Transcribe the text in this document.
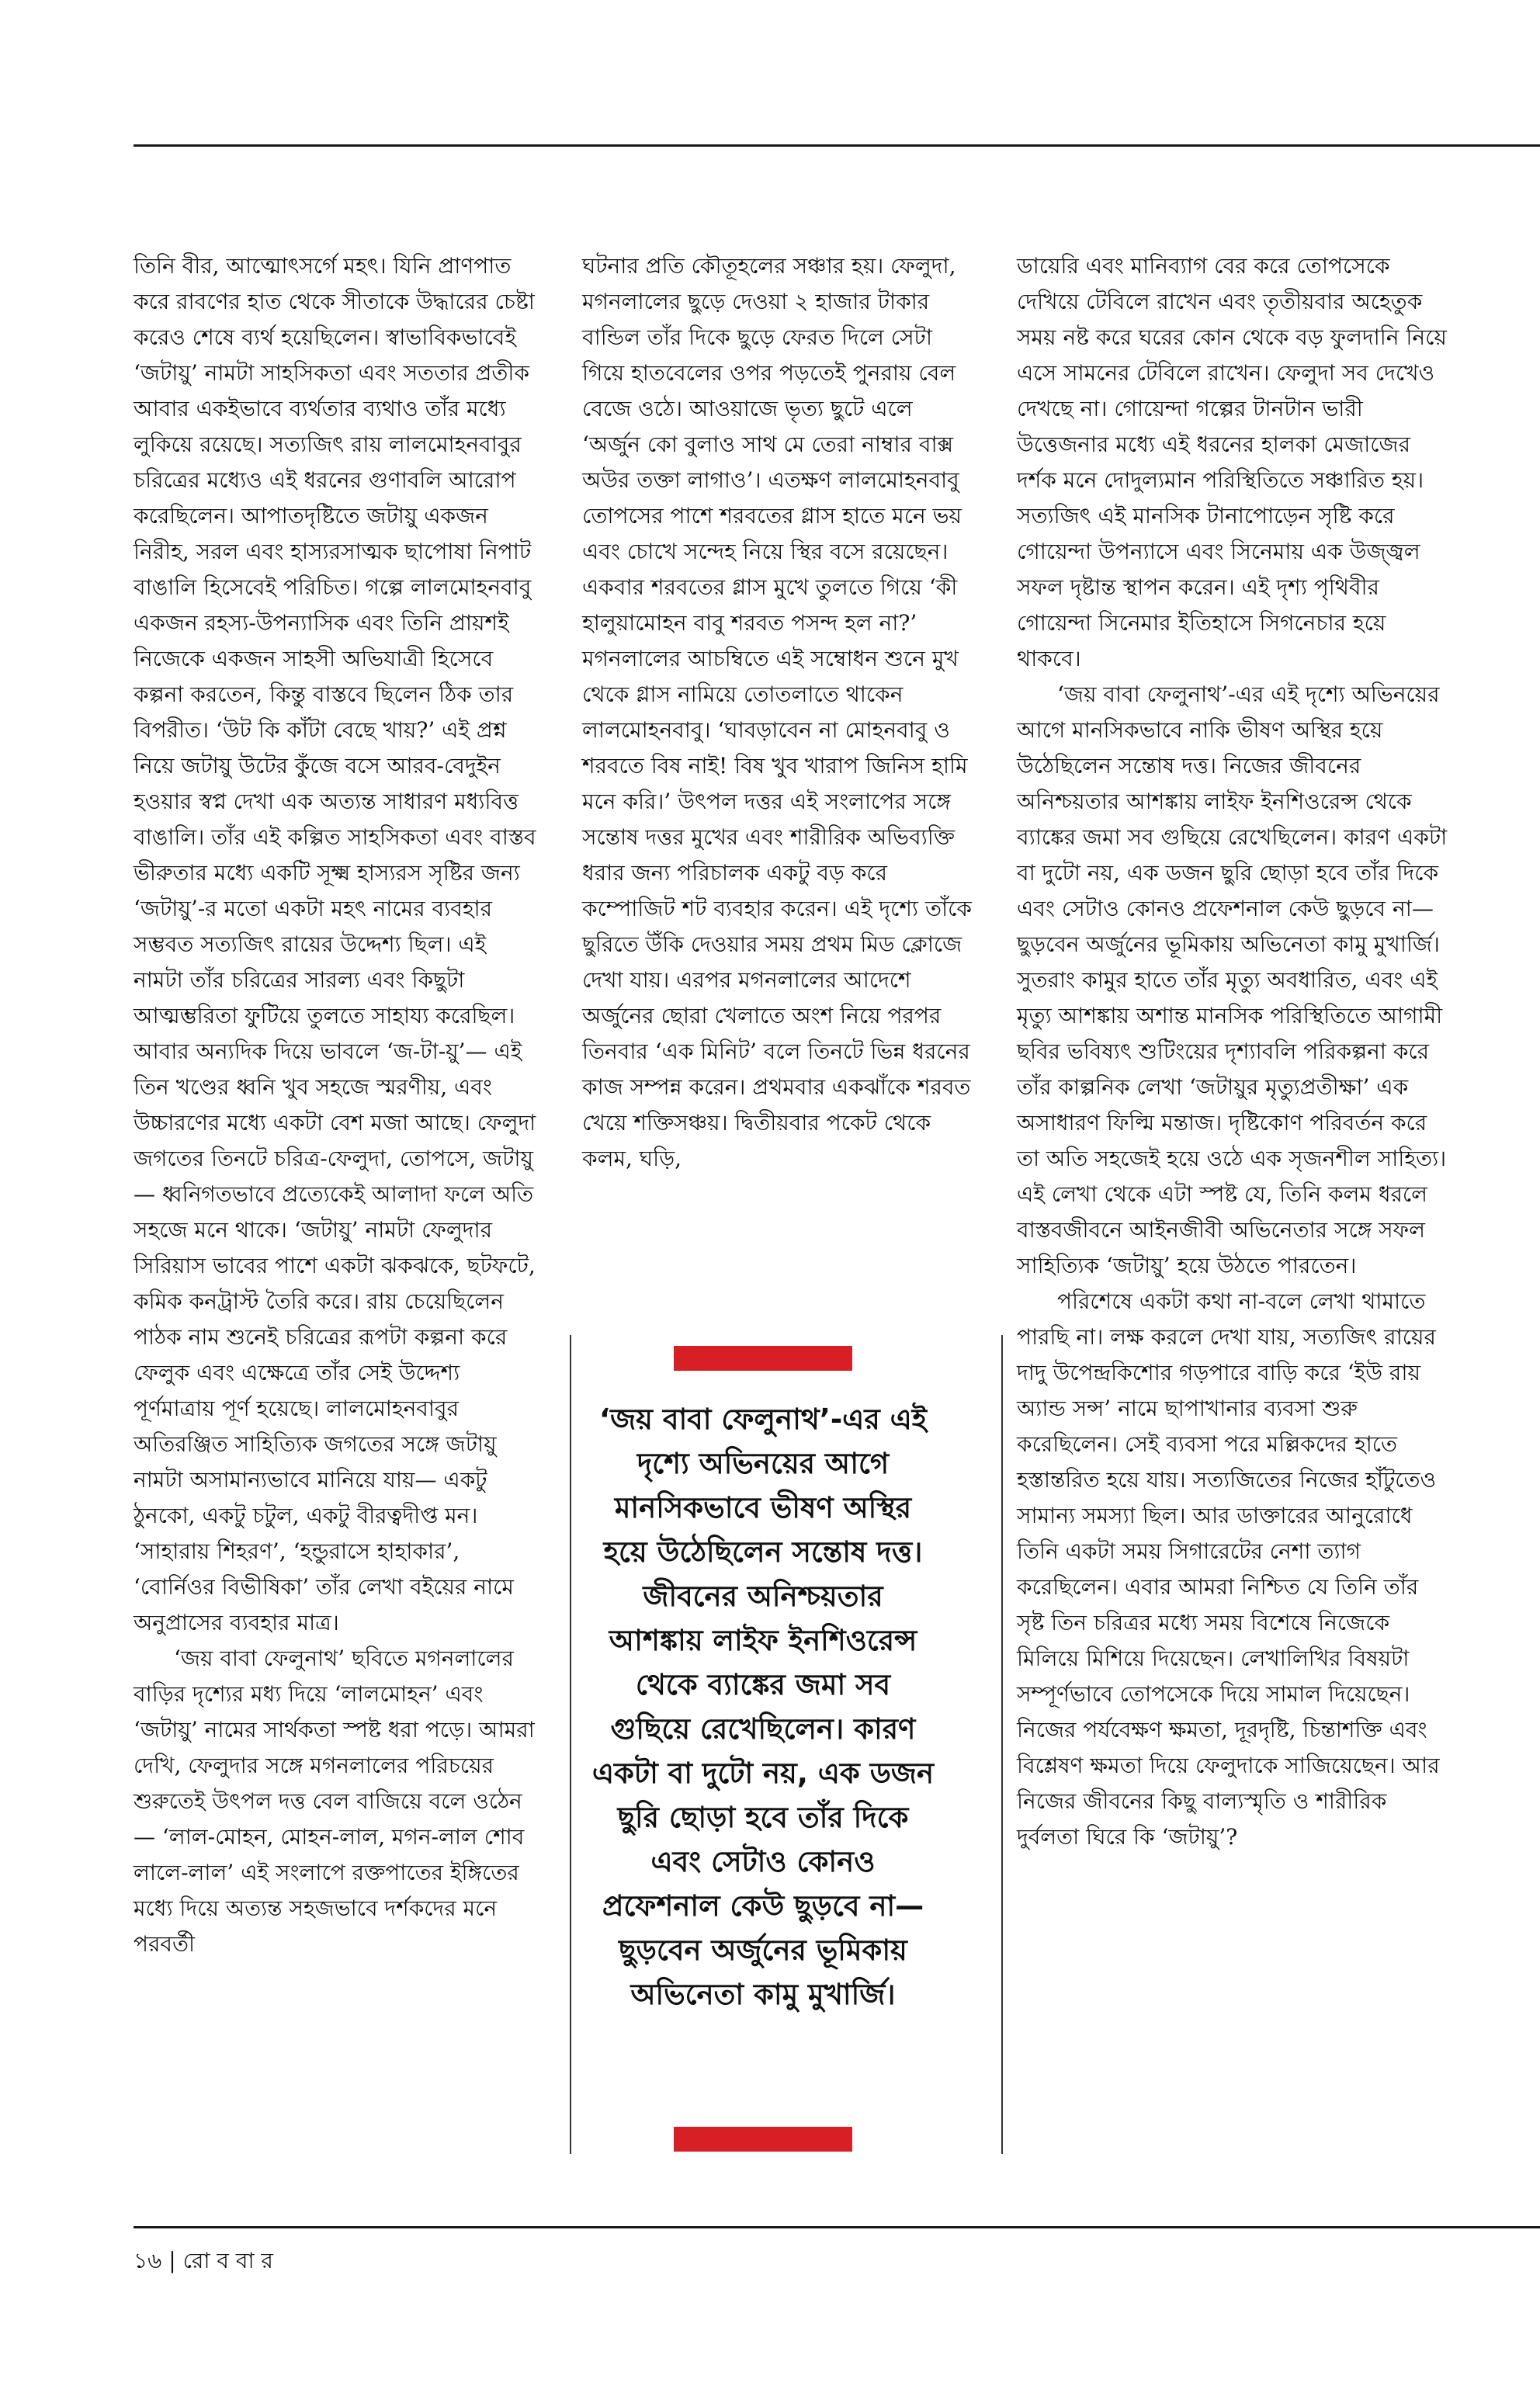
তিনি বীর, আত্মোৎসর্গে মহৎ। যিনি প্রাণপাত করে রাবণের হাত থেকে সীতাকে উদ্ধারের চেষ্টা করেও শেষে ব্যর্থ হয়েছিলেন। স্বাভাবিকভাবেই ‘জটায়ু’ নামটা সাহসিকতা এবং সততার প্রতীক আবার একইভাবে ব্যর্থতার ব্যথাও তাঁর মধ্যে লুকিয়ে রয়েছে। সত্যজিৎ রায় লালমোহনবাবুর চরিত্রের মধ্যেও এই ধরনের গুণাবলি আরোপ করেছিলেন। আপাতদৃষ্টিতে জটায়ু একজন নিরীহ, সরল এবং হাস্যরসাত্মক ছাপোষা নিপাট বাঙালি হিসেবেই পরিচিত। গল্পে লালমোহনবাবু একজন রহস্য-উপন্যাসিক এবং তিনি প্রায়শই নিজেকে একজন সাহসী অভিযাত্রী হিসেবে কল্পনা করতেন, কিন্তু বাস্তবে ছিলেন ঠিক তার বিপরীত। ‘উট কি কাঁটা বেছে খায়?’ এই প্রশ্ন নিয়ে জটায়ু উটের কুঁজে বসে আরব-বেদুইন হওয়ার স্বপ্ন দেখা এক অত্যন্ত সাধারণ মধ্যবিত্ত বাঙালি। তাঁর এই কল্পিত সাহসিকতা এবং বাস্তব ভীরুতার মধ্যে একটি সূক্ষ্ম হাস্যরস সৃষ্টির জন্য ‘জটায়ু’-র মতো একটা মহৎ নামের ব্যবহার সম্ভবত সত্যজিৎ রায়ের উদ্দেশ্য ছিল। এই নামটা তাঁর চরিত্রের সারল্য এবং কিছুটা আত্মম্ভরিতা ফুটিয়ে তুলতে সাহায্য করেছিল। আবার অন্যদিক দিয়ে ভাবলে ‘জ-টা-য়ু’— এই তিন খণ্ডের ধ্বনি খুব সহজে স্মরণীয়, এবং উচ্চারণের মধ্যে একটা বেশ মজা আছে। ফেলুদা জগতের তিনটে চরিত্র-ফেলুদা, তোপসে, জটায়ু— ধ্বনিগতভাবে প্রত্যেকেই আলাদা ফলে অতি সহজে মনে থাকে। ‘জটায়ু’ নামটা ফেলুদার সিরিয়াস ভাবের পাশে একটা ঝকঝকে, ছটফটে, কমিক কনট্রাস্ট তৈরি করে। রায় চেয়েছিলেন পাঠক নাম শুনেই চরিত্রের রূপটা কল্পনা করে ফেলুক এবং এক্ষেত্রে তাঁর সেই উদ্দেশ্য পূর্ণমাত্রায় পূর্ণ হয়েছে। লালমোহনবাবুর অতিরঞ্জিত সাহিত্যিক জগতের সঙ্গে জটায়ু নামটা অসামান্যভাবে মানিয়ে যায়— একটু ঠুনকো, একটু চটুল, একটু বীরত্বদীপ্ত মন। ‘সাহারায় শিহরণ’, ‘হন্ডুরাসে হাহাকার’, ‘বোর্নিওর বিভীষিকা’ তাঁর লেখা বইয়ের নামে অনুপ্রাসের ব্যবহার মাত্র।

‘জয় বাবা ফেলুনাথ’ ছবিতে মগনলালের বাড়ির দৃশ্যের মধ্য দিয়ে ‘লালমোহন’ এবং ‘জটায়ু’ নামের সার্থকতা স্পষ্ট ধরা পড়ে। আমরা দেখি, ফেলুদার সঙ্গে মগনলালের পরিচয়ের শুরুতেই উৎপল দত্ত বেল বাজিয়ে বলে ওঠেন— ‘লাল-মোহন, মোহন-লাল, মগন-লাল শোব লালে-লাল’ এই সংলাপে রক্তপাতের ইঙ্গিতের মধ্যে দিয়ে অত্যন্ত সহজভাবে দর্শকদের মনে পরবর্তী

ঘটনার প্রতি কৌতূহলের সঞ্চার হয়। ফেলুদা, মগনলালের ছুড়ে দেওয়া ২ হাজার টাকার বান্ডিল তাঁর দিকে ছুড়ে ফেরত দিলে সেটা গিয়ে হাতবেলের ওপর পড়তেই পুনরায় বেল বেজে ওঠে। আওয়াজে ভৃত্য ছুটে এলে ‘অর্জুন কো বুলাও সাথ মে তেরা নাম্বার বাক্স অউর তক্তা লাগাও’। এতক্ষণ লালমোহনবাবু তোপসের পাশে শরবতের গ্লাস হাতে মনে ভয় এবং চোখে সন্দেহ নিয়ে স্থির বসে রয়েছেন। একবার শরবতের গ্লাস মুখে তুলতে গিয়ে ‘কী হালুয়ামোহন বাবু শরবত পসন্দ হল না?’ মগনলালের আচম্বিতে এই সম্বোধন শুনে মুখ থেকে গ্লাস নামিয়ে তোতলাতে থাকেন লালমোহনবাবু। ‘ঘাবড়াবেন না মোহনবাবু ও শরবতে বিষ নাই! বিষ খুব খারাপ জিনিস হামি মনে করি।’ উৎপল দত্তর এই সংলাপের সঙ্গে সন্তোষ দত্তর মুখের এবং শারীরিক অভিব্যক্তি ধরার জন্য পরিচালক একটু বড় করে কম্পোজিট শট ব্যবহার করেন। এই দৃশ্যে তাঁকে ছুরিতে উঁকি দেওয়ার সময় প্রথম মিড ক্লোজে দেখা যায়। এরপর মগনলালের আদেশে অর্জুনের ছোরা খেলাতে অংশ নিয়ে পরপর তিনবার ‘এক মিনিট’ বলে তিনটে ভিন্ন ধরনের কাজ সম্পন্ন করেন। প্রথমবার একঝাঁকে শরবত খেয়ে শক্তিসঞ্চয়। দ্বিতীয়বার পকেট থেকে কলম, ঘড়ি,

ডায়েরি এবং মানিব্যাগ বের করে তোপসেকে দেখিয়ে টেবিলে রাখেন এবং তৃতীয়বার অহেতুক সময় নষ্ট করে ঘরের কোন থেকে বড় ফুলদানি নিয়ে এসে সামনের টেবিলে রাখেন। ফেলুদা সব দেখেও দেখছে না। গোয়েন্দা গল্পের টানটান ভারী উত্তেজনার মধ্যে এই ধরনের হালকা মেজাজের দর্শক মনে দোদুল্যমান পরিস্থিতিতে সঞ্চারিত হয়। সত্যজিৎ এই মানসিক টানাপোড়েন সৃষ্টি করে গোয়েন্দা উপন্যাসে এবং সিনেমায় এক উজ্জ্বল সফল দৃষ্টান্ত স্থাপন করেন। এই দৃশ্য পৃথিবীর গোয়েন্দা সিনেমার ইতিহাসে সিগনেচার হয়ে থাকবে।

‘জয় বাবা ফেলুনাথ’-এর এই দৃশ্যে অভিনয়ের আগে মানসিকভাবে নাকি ভীষণ অস্থির হয়ে উঠেছিলেন সন্তোষ দত্ত। নিজের জীবনের অনিশ্চয়তার আশঙ্কায় লাইফ ইনশিওরেন্স থেকে ব্যাঙ্কের জমা সব গুছিয়ে রেখেছিলেন। কারণ একটা বা দুটো নয়, এক ডজন ছুরি ছোড়া হবে তাঁর দিকে এবং সেটাও কোনও প্রফেশনাল কেউ ছুড়বে না— ছুড়বেন অর্জুনের ভূমিকায় অভিনেতা কামু মুখার্জি। সুতরাং কামুর হাতে তাঁর মৃত্যু অবধারিত, এবং এই মৃত্যু আশঙ্কায় অশান্ত মানসিক পরিস্থিতিতে আগামী ছবির ভবিষ্যৎ শুটিংয়ের দৃশ্যাবলি পরিকল্পনা করে তাঁর কাল্পনিক লেখা ‘জটায়ুর মৃত্যুপ্রতীক্ষা’ এক অসাধারণ ফিল্মি মন্তাজ। দৃষ্টিকোণ পরিবর্তন করে তা অতি সহজেই হয়ে ওঠে এক সৃজনশীল সাহিত্য। এই লেখা থেকে এটা স্পষ্ট যে, তিনি কলম ধরলে বাস্তবজীবনে আইনজীবী অভিনেতার সঙ্গে সফল সাহিত্যিক ‘জটায়ু’ হয়ে উঠতে পারতেন।

পরিশেষে একটা কথা না-বলে লেখা থামাতে পারছি না। লক্ষ করলে দেখা যায়, সত্যজিৎ রায়ের দাদু উপেন্দ্রকিশোর গড়পারে বাড়ি করে ‘ইউ রায় অ্যান্ড সন্স’ নামে ছাপাখানার ব্যবসা শুরু করেছিলেন। সেই ব্যবসা পরে মল্লিকদের হাতে হস্তান্তরিত হয়ে যায়। সত্যজিতের নিজের হাঁটুতেও সামান্য সমস্যা ছিল। আর ডাক্তারের আনুরোধে তিনি একটা সময় সিগারেটের নেশা ত্যাগ করেছিলেন। এবার আমরা নিশ্চিত যে তিনি তাঁর সৃষ্ট তিন চরিত্রর মধ্যে সময় বিশেষে নিজেকে মিলিয়ে মিশিয়ে দিয়েছেন। লেখালিখির বিষয়টা সম্পূর্ণভাবে তোপসেকে দিয়ে সামাল দিয়েছেন। নিজের পর্যবেক্ষণ ক্ষমতা, দূরদৃষ্টি, চিন্তাশক্তি এবং বিশ্লেষণ ক্ষমতা দিয়ে ফেলুদাকে সাজিয়েছেন। আর নিজের জীবনের কিছু বাল্যস্মৃতি ও শারীরিক দুর্বলতা ঘিরে কি ‘জটায়ু’?

‘জয় বাবা ফেলুনাথ’-এর এই দৃশ্যে অভিনয়ের আগে মানসিকভাবে ভীষণ অস্থির হয়ে উঠেছিলেন সন্তোষ দত্ত। জীবনের অনিশ্চয়তার আশঙ্কায় লাইফ ইনশিওরেন্স থেকে ব্যাঙ্কের জমা সব গুছিয়ে রেখেছিলেন। কারণ একটা বা দুটো নয়, এক ডজন ছুরি ছোড়া হবে তাঁর দিকে এবং সেটাও কোনও প্রফেশনাল কেউ ছুড়বে না— ছুড়বেন অর্জুনের ভূমিকায় অভিনেতা কামু মুখার্জি।
১৬ | রো ব বা র
